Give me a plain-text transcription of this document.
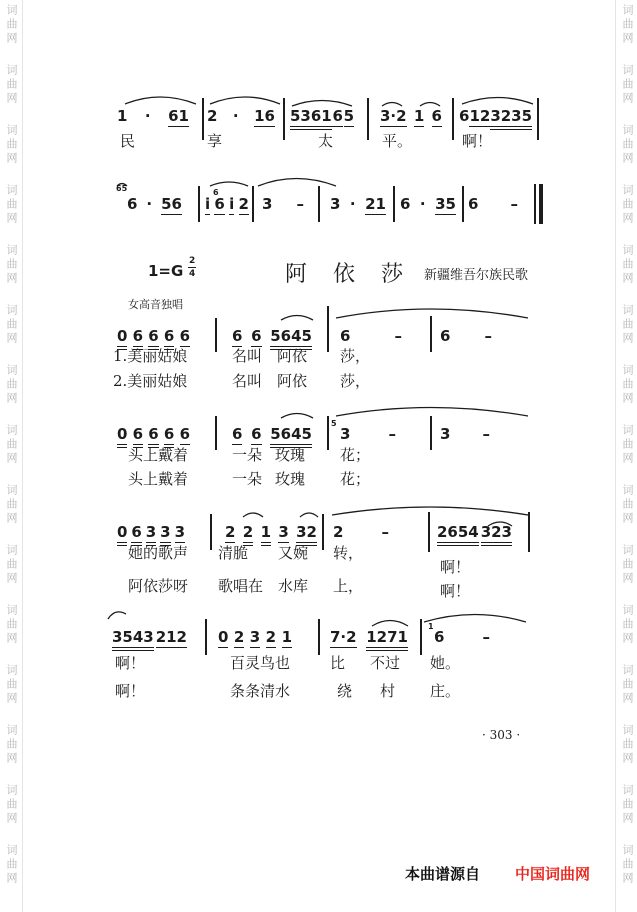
词曲网
词曲网
词曲网
词曲网
词曲网
词曲网
词曲网
词曲网
词曲网
词曲网
词曲网
词曲网
词曲网
词曲网
词曲网
词曲网
词曲网
词曲网
词曲网
词曲网
词曲网
词曲网
词曲网
词曲网
词曲网
词曲网
词曲网
词曲网
词曲网
词曲网
1 · 61 2 · 16 5361 6 5 3·2 1 6 6 12 3235
民	享	太	平。	啊！
65
6 · 56
6
i 6 i 2 3 – 3 · 21 6 · 35 6 –
1=G
2
4	阿依莎
新疆维吾尔族民歌
女高音独唱
0 6 6 6 6	6 6 5645 6	–	6 –
1.美丽姑娘	名叫 阿依 莎，
2.美丽姑娘	名叫 阿依 莎，
0 6 6 6 6	6 6 5645
5
3	–	3 –
头上戴着	一朵 玫瑰 花；
头上戴着	一朵 玫瑰 花；
0 6 3 3 3	2 2 1 3 32 2	–	2654 323
她的歌声 清脆 又婉 转，
啊！
阿依莎呀 歌唱在 水库 上，	啊！
3543 212 0 2 3 2 1	7·2 1271
1
6	–
啊！	百灵鸟也	比 不过 她。
啊！	条条清水	绕 村 庄。
· 303 ·
本曲谱源自 中国词曲网
